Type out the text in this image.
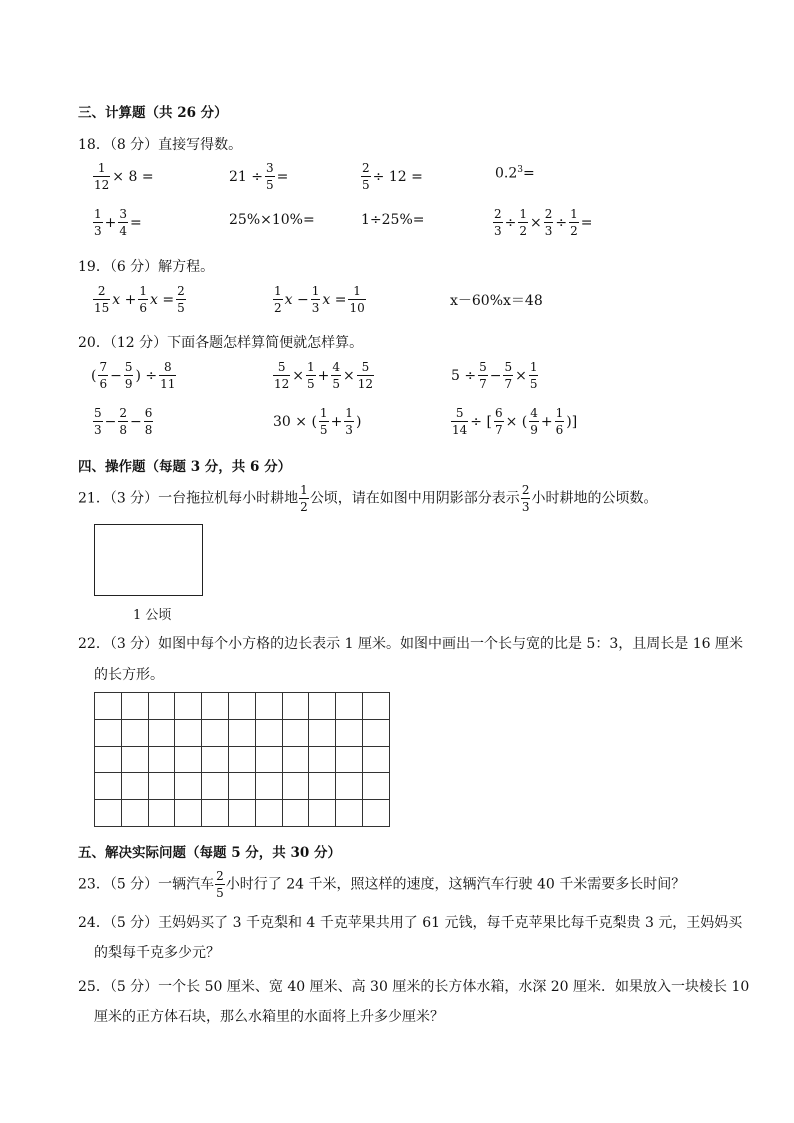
三、计算题（共 26 分）
18．（8 分）直接写得数。
$\frac{1}{12} \times 8$ =	$21 \div \frac{3}{5}$ =	$\frac{2}{5} \div 12$ =	$0.2^3=$
$\frac{1}{3} + \frac{3}{4}$ =	25%×10%=	1÷25%=	$\frac{2}{3} \div \frac{1}{2} \times \frac{2}{3} \div \frac{1}{2}$ =
19．（6 分）解方程。
$\frac{2}{15}$ $x + \frac{1}{6}$ $x = \frac{2}{5}$	$\frac{1}{2}$ $x - \frac{1}{3}$ $x = \frac{1}{10}$	x－60%x＝48
20．（12 分）下面各题怎样算简便就怎样算。
( $\frac{7}{6} - \frac{5}{9}$ ) ÷ $\frac{8}{11}$	$\frac{5}{12} \times \frac{1}{5} + \frac{4}{5} \times \frac{5}{12}$	$5 \div \frac{5}{7} - \frac{5}{7} \times \frac{1}{5}$
$\frac{5}{3} - \frac{2}{8} - \frac{6}{8}$	30 × ( $\frac{1}{5} + \frac{1}{3}$ )	$\frac{5}{14}$ ÷ [ $\frac{6}{7}$ × ( $\frac{4}{9} + \frac{1}{6}$ )]
四、操作题（每题 3 分，共 6 分）
21．（3 分）一台拖拉机每小时耕地 $\frac{1}{2}$ 公顷，请在如图中用阴影部分表示 $\frac{2}{3}$ 小时耕地的公顷数。
1 公顷
22．（3 分）如图中每个小方格的边长表示 1 厘米。如图中画出一个长与宽的比是 5：3，且周长是 16 厘米
的长方形。

五、解决实际问题（每题 5 分，共 30 分）
23．（5 分）一辆汽车 $\frac{2}{5}$ 小时行了 24 千米，照这样的速度，这辆汽车行驶 40 千米需要多长时间？
24．（5 分）王妈妈买了 3 千克梨和 4 千克苹果共用了 61 元钱，每千克苹果比每千克梨贵 3 元，王妈妈买
的梨每千克多少元？
25．（5 分）一个长 50 厘米、宽 40 厘米、高 30 厘米的长方体水箱，水深 20 厘米．如果放入一块棱长 10
厘米的正方体石块，那么水箱里的水面将上升多少厘米？
